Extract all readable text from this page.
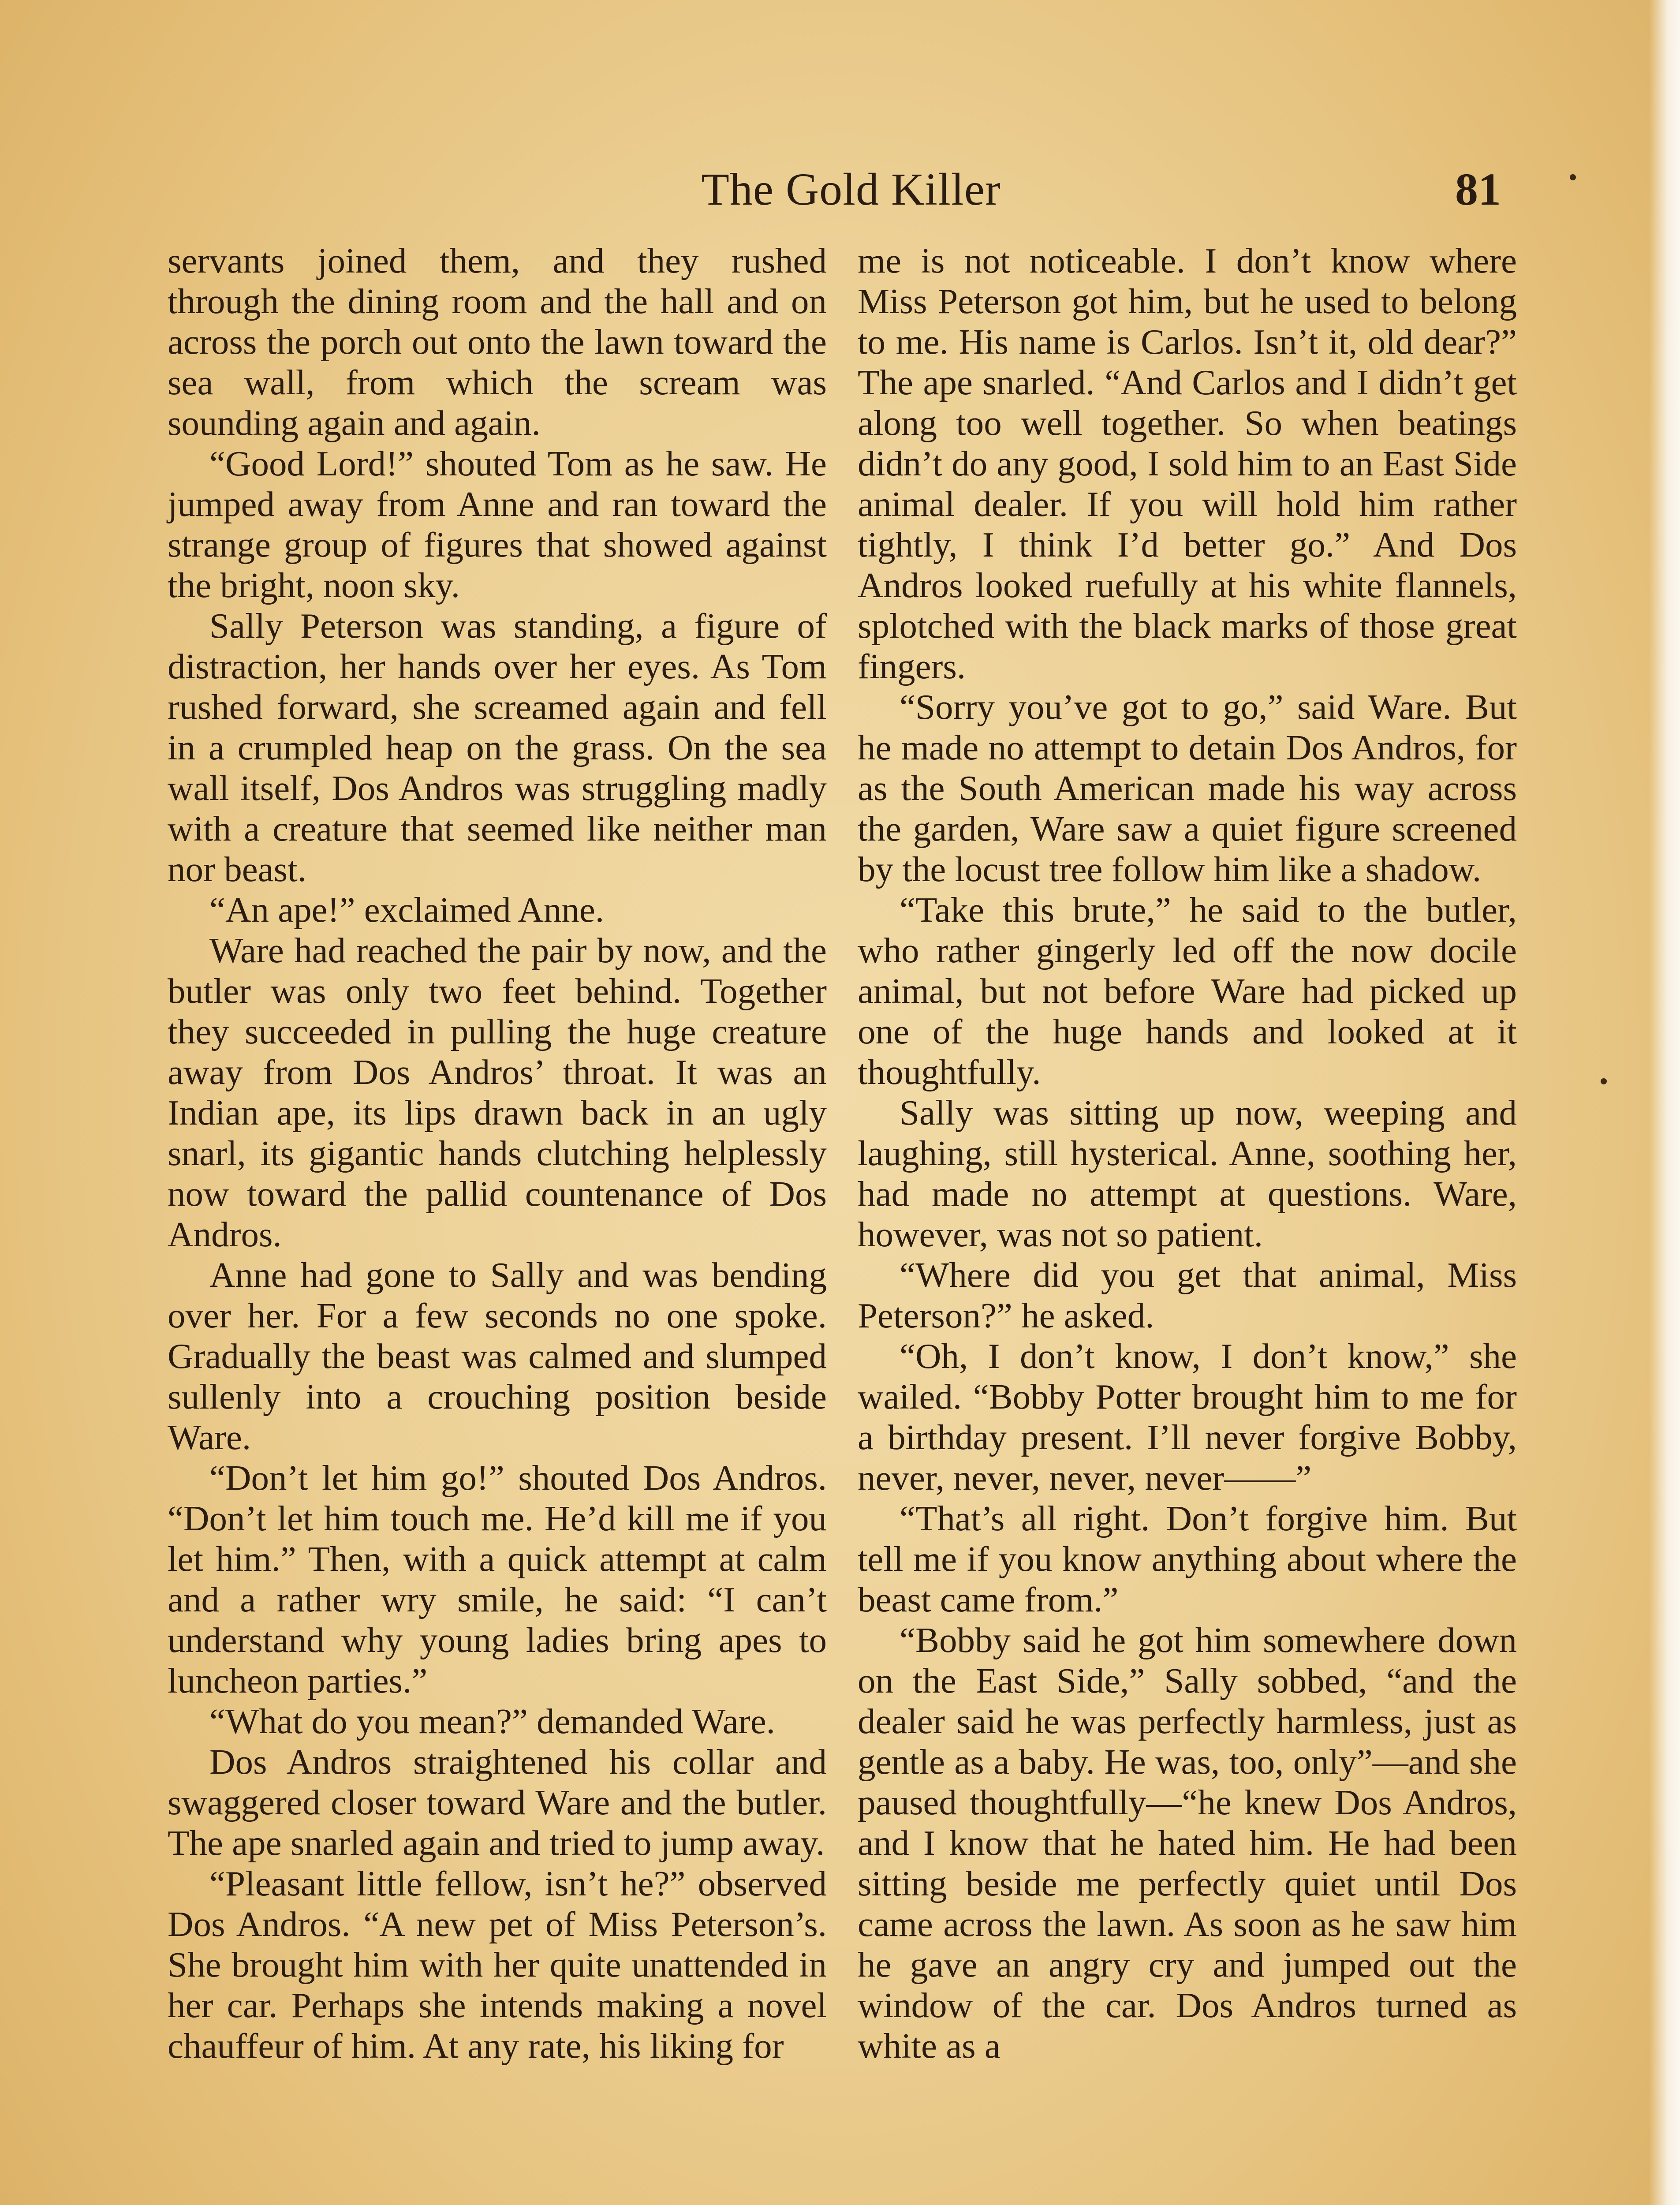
The Gold Killer	81

servants joined them, and they rushed through the dining room and the hall and on across the porch out onto the lawn toward the sea wall, from which the scream was sounding again and again.

“Good Lord!” shouted Tom as he saw. He jumped away from Anne and ran toward the strange group of figures that showed against the bright, noon sky.

Sally Peterson was standing, a figure of distraction, her hands over her eyes. As Tom rushed forward, she screamed again and fell in a crumpled heap on the grass. On the sea wall itself, Dos Andros was struggling madly with a creature that seemed like neither man nor beast.

“An ape!” exclaimed Anne.

Ware had reached the pair by now, and the butler was only two feet behind. Together they succeeded in pulling the huge creature away from Dos Andros’ throat. It was an Indian ape, its lips drawn back in an ugly snarl, its gigantic hands clutching helplessly now toward the pallid countenance of Dos Andros.

Anne had gone to Sally and was bending over her. For a few seconds no one spoke. Gradually the beast was calmed and slumped sullenly into a crouching position beside Ware.

“Don’t let him go!” shouted Dos Andros. “Don’t let him touch me. He’d kill me if you let him.” Then, with a quick attempt at calm and a rather wry smile, he said: “I can’t understand why young ladies bring apes to luncheon parties.”

“What do you mean?” demanded Ware.

Dos Andros straightened his collar and swaggered closer toward Ware and the butler. The ape snarled again and tried to jump away.

“Pleasant little fellow, isn’t he?” observed Dos Andros. “A new pet of Miss Peterson’s. She brought him with her quite unattended in her car. Perhaps she intends making a novel chauffeur of him. At any rate, his liking for

me is not noticeable. I don’t know where Miss Peterson got him, but he used to belong to me. His name is Carlos. Isn’t it, old dear?” The ape snarled. “And Carlos and I didn’t get along too well together. So when beatings didn’t do any good, I sold him to an East Side animal dealer. If you will hold him rather tightly, I think I’d better go.” And Dos Andros looked ruefully at his white flannels, splotched with the black marks of those great fingers.

“Sorry you’ve got to go,” said Ware. But he made no attempt to detain Dos Andros, for as the South American made his way across the garden, Ware saw a quiet figure screened by the locust tree follow him like a shadow.

“Take this brute,” he said to the butler, who rather gingerly led off the now docile animal, but not before Ware had picked up one of the huge hands and looked at it thoughtfully.

Sally was sitting up now, weeping and laughing, still hysterical. Anne, soothing her, had made no attempt at questions. Ware, however, was not so patient.

“Where did you get that animal, Miss Peterson?” he asked.

“Oh, I don’t know, I don’t know,” she wailed. “Bobby Potter brought him to me for a birthday present. I’ll never forgive Bobby, never, never, never, never——”

“That’s all right. Don’t forgive him. But tell me if you know anything about where the beast came from.”

“Bobby said he got him somewhere down on the East Side,” Sally sobbed, “and the dealer said he was perfectly harmless, just as gentle as a baby. He was, too, only”—and she paused thoughtfully—“he knew Dos Andros, and I know that he hated him. He had been sitting beside me perfectly quiet until Dos came across the lawn. As soon as he saw him he gave an angry cry and jumped out the window of the car. Dos Andros turned as white as a
